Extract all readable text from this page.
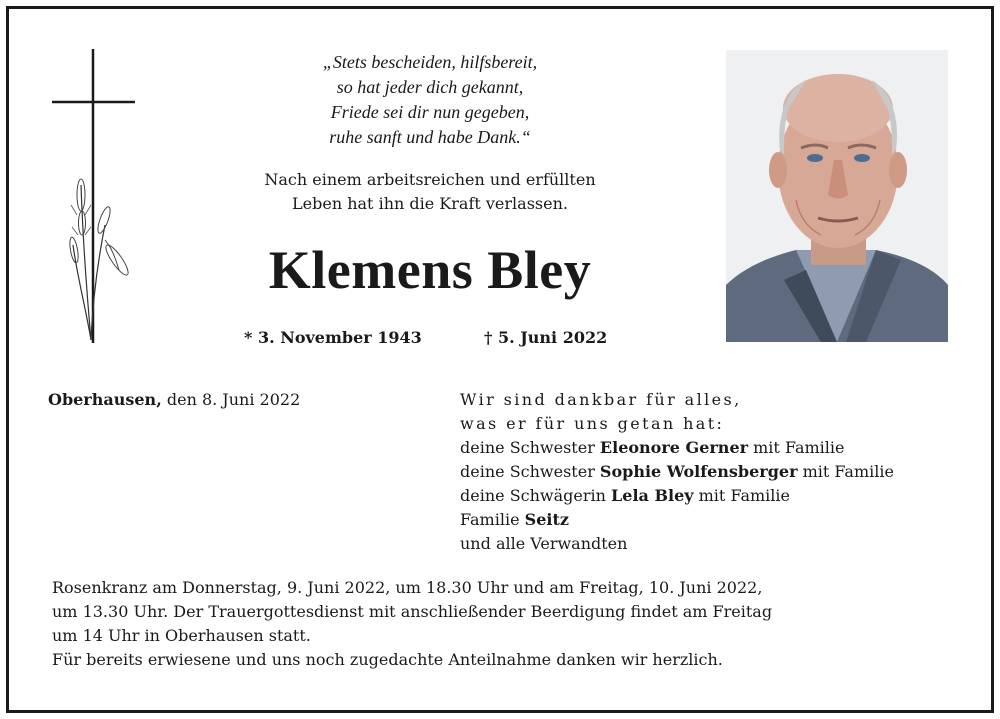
„Stets bescheiden, hilfsbereit,
so hat jeder dich gekannt,
Friede sei dir nun gegeben,
ruhe sanft und habe Dank.“
Nach einem arbeitsreichen und erfüllten
Leben hat ihn die Kraft verlassen.
Klemens Bley
* 3. November 1943	† 5. Juni 2022
Oberhausen, den 8. Juni 2022	Wir sind dankbar für alles,
was er für uns getan hat:
deine Schwester Eleonore Gerner mit Familie
deine Schwester Sophie Wolfensberger mit Familie
deine Schwägerin Lela Bley mit Familie
Familie Seitz
und alle Verwandten
Rosenkranz am Donnerstag, 9. Juni 2022, um 18.30 Uhr und am Freitag, 10. Juni 2022,
um 13.30 Uhr. Der Trauergottesdienst mit anschließender Beerdigung findet am Freitag
um 14 Uhr in Oberhausen statt.
Für bereits erwiesene und uns noch zugedachte Anteilnahme danken wir herzlich.
